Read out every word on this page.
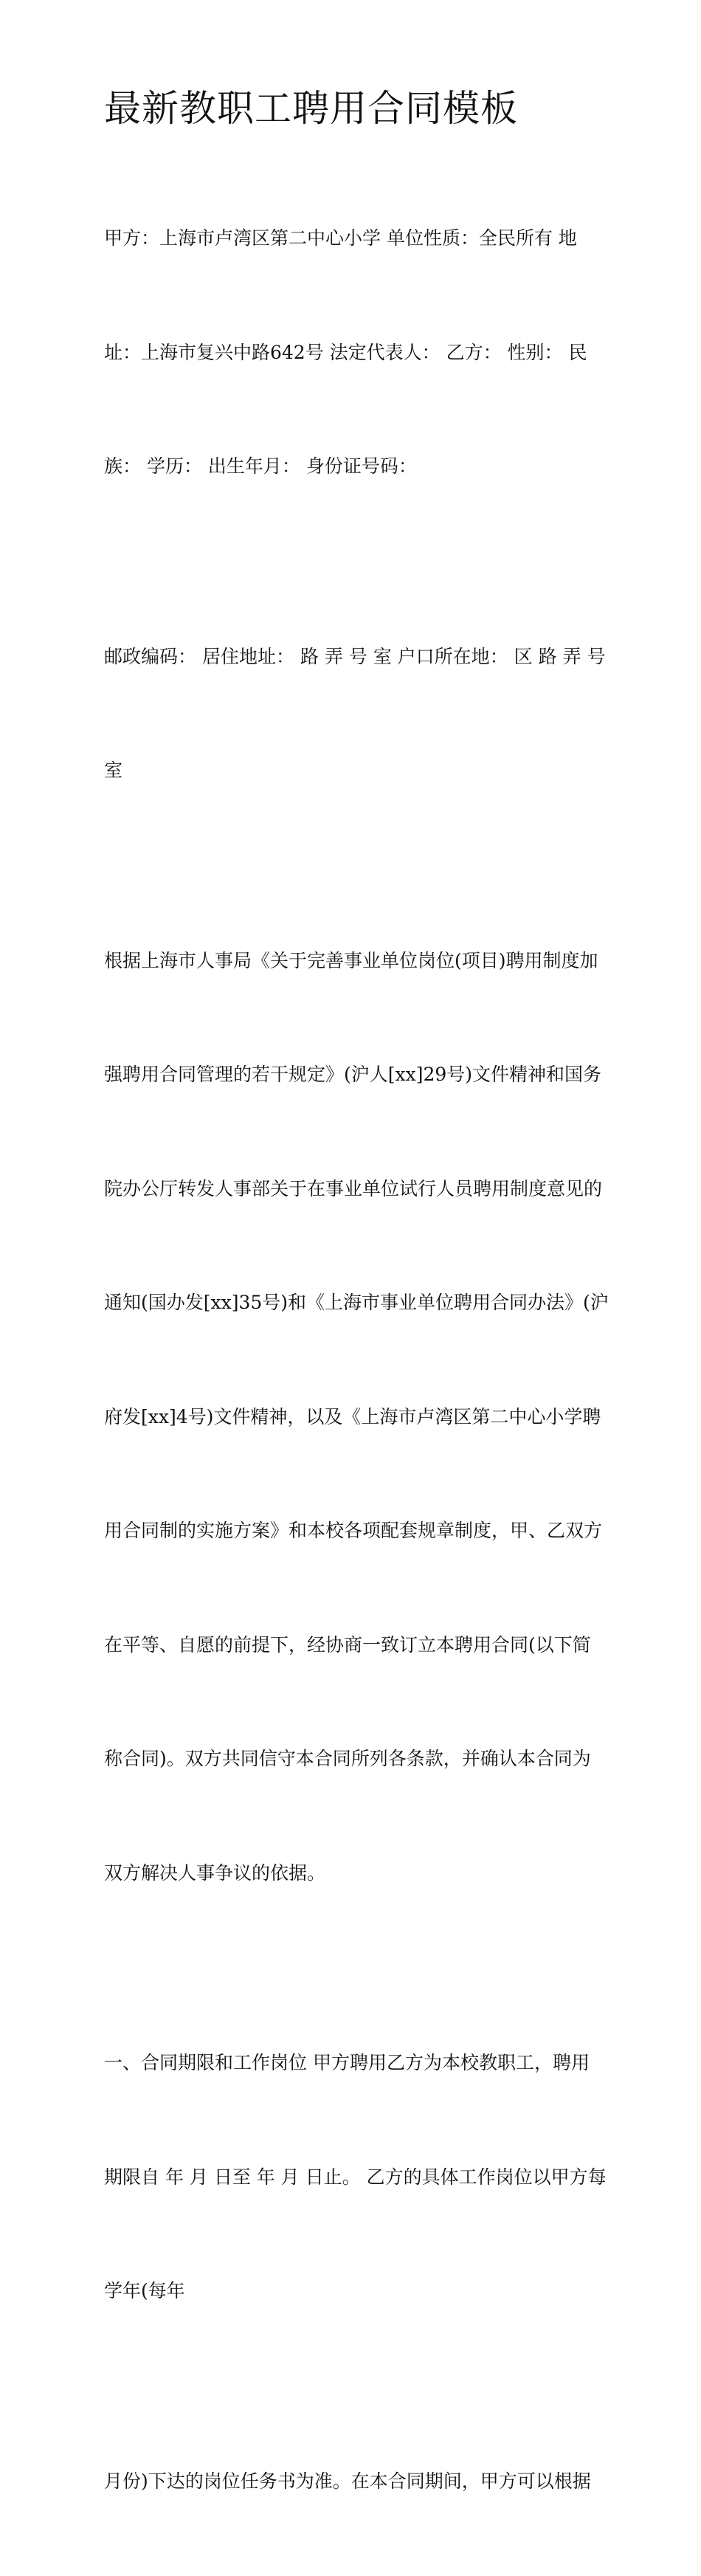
最新教职工聘用合同模板

甲方：上海市卢湾区第二中心小学 单位性质：全民所有 地

址：上海市复兴中路642号 法定代表人： 乙方： 性别： 民

族： 学历： 出生年月： 身份证号码：

邮政编码： 居住地址： 路 弄 号 室 户口所在地： 区 路 弄 号

室

根据上海市人事局《关于完善事业单位岗位(项目)聘用制度加

强聘用合同管理的若干规定》(沪人[xx]29号)文件精神和国务

院办公厅转发人事部关于在事业单位试行人员聘用制度意见的

通知(国办发[xx]35号)和《上海市事业单位聘用合同办法》(沪

府发[xx]4号)文件精神，以及《上海市卢湾区第二中心小学聘

用合同制的实施方案》和本校各项配套规章制度，甲、乙双方

在平等、自愿的前提下，经协商一致订立本聘用合同(以下简

称合同)。双方共同信守本合同所列各条款，并确认本合同为

双方解决人事争议的依据。

一、合同期限和工作岗位 甲方聘用乙方为本校教职工，聘用

期限自 年 月 日至 年 月 日止。 乙方的具体工作岗位以甲方每

学年(每年

月份)下达的岗位任务书为准。在本合同期间，甲方可以根据
